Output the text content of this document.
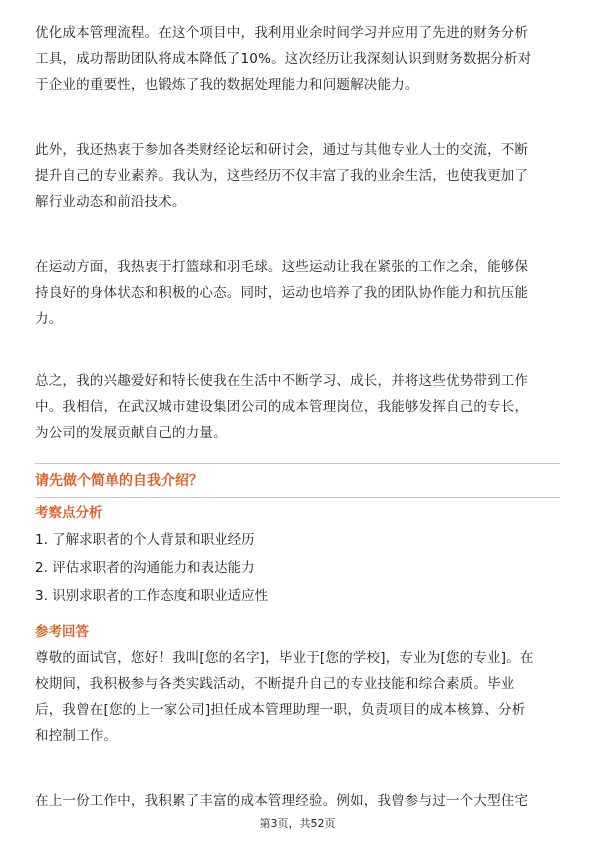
优化成本管理流程。在这个项目中，我利用业余时间学习并应用了先进的财务分析
工具，成功帮助团队将成本降低了10%。这次经历让我深刻认识到财务数据分析对
于企业的重要性，也锻炼了我的数据处理能力和问题解决能力。

此外，我还热衷于参加各类财经论坛和研讨会，通过与其他专业人士的交流，不断
提升自己的专业素养。我认为，这些经历不仅丰富了我的业余生活，也使我更加了
解行业动态和前沿技术。

在运动方面，我热衷于打篮球和羽毛球。这些运动让我在紧张的工作之余，能够保
持良好的身体状态和积极的心态。同时，运动也培养了我的团队协作能力和抗压能
力。

总之，我的兴趣爱好和特长使我在生活中不断学习、成长，并将这些优势带到工作
中。我相信，在武汉城市建设集团公司的成本管理岗位，我能够发挥自己的专长，
为公司的发展贡献自己的力量。

请先做个简单的自我介绍？

考察点分析

1. 了解求职者的个人背景和职业经历

2. 评估求职者的沟通能力和表达能力

3. 识别求职者的工作态度和职业适应性

参考回答

尊敬的面试官，您好！我叫[您的名字]，毕业于[您的学校]，专业为[您的专业]。在
校期间，我积极参与各类实践活动，不断提升自己的专业技能和综合素质。毕业
后，我曾在[您的上一家公司]担任成本管理助理一职，负责项目的成本核算、分析
和控制工作。

在上一份工作中，我积累了丰富的成本管理经验。例如，我曾参与过一个大型住宅

第3页，共52页
